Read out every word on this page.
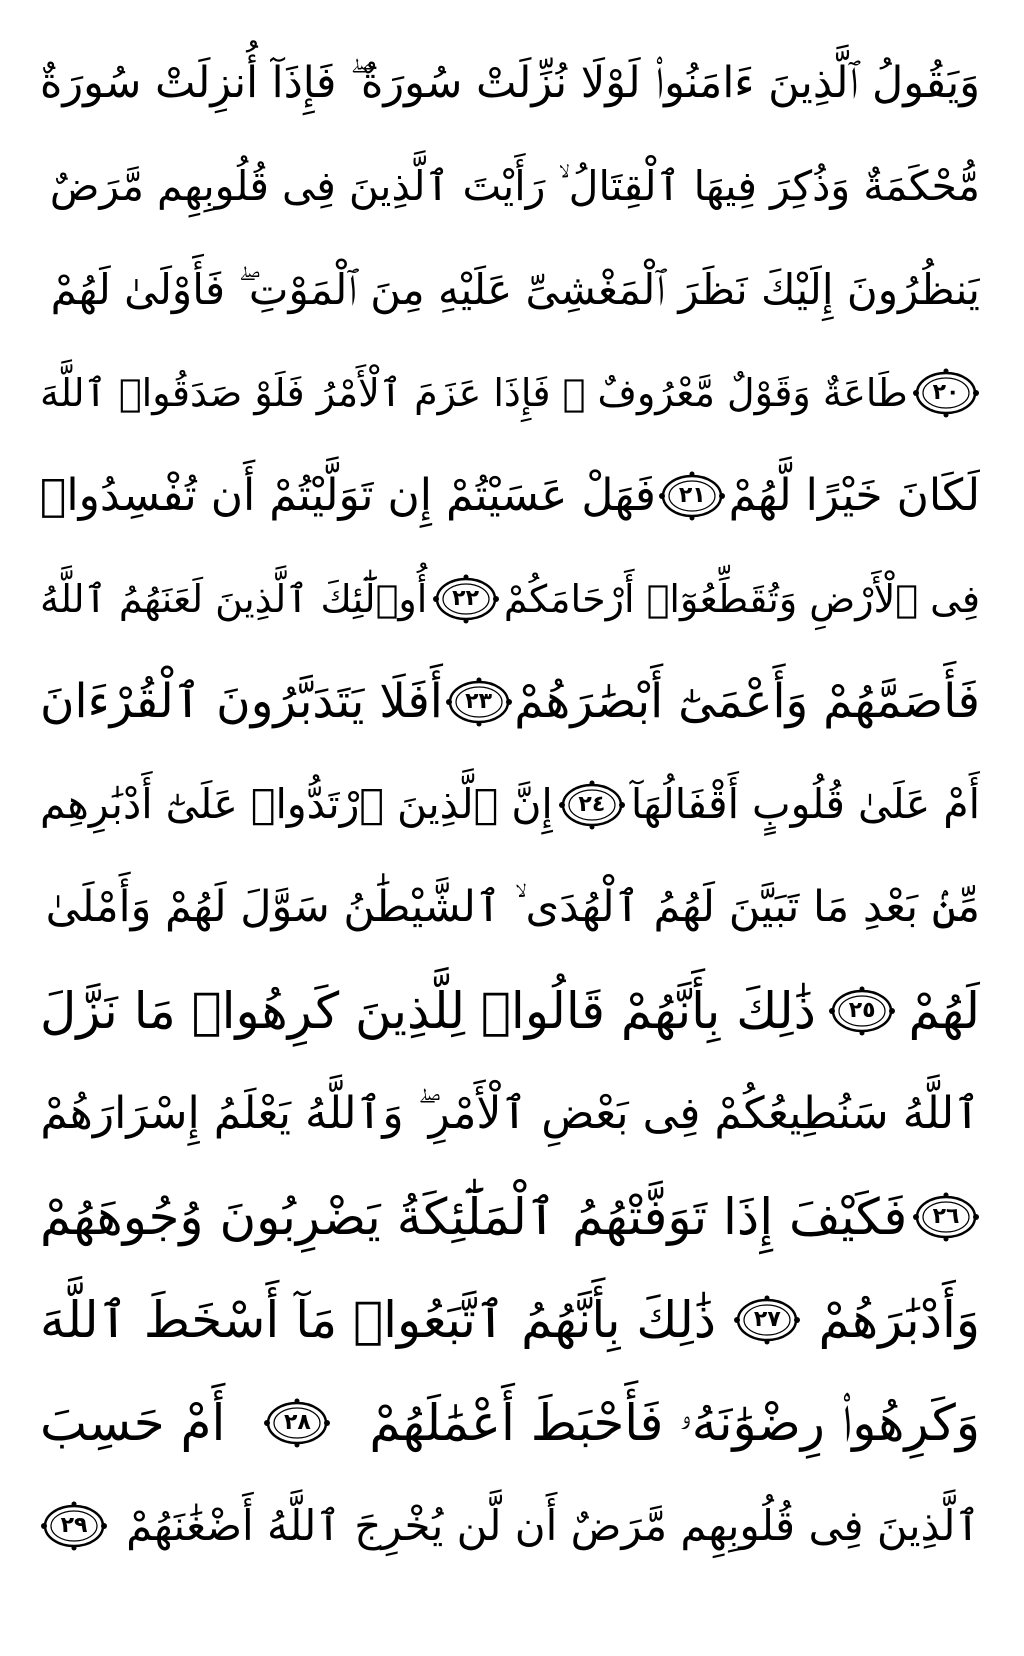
وَيَقُولُ ٱلَّذِينَ ءَامَنُوا۟ لَوْلَا نُزِّلَتْ سُورَةٌ ۖ فَإِذَآ أُنزِلَتْ سُورَةٌ
مُّحْكَمَةٌ وَذُكِرَ فِيهَا ٱلْقِتَالُ ۙ رَأَيْتَ ٱلَّذِينَ فِى قُلُوبِهِم مَّرَضٌ
يَنظُرُونَ إِلَيْكَ نَظَرَ ٱلْمَغْشِىِّ عَلَيْهِ مِنَ ٱلْمَوْتِ ۖ فَأَوْلَىٰ لَهُمْ
٢٠
طَاعَةٌ وَقَوْلٌ مَّعْرُوفٌ ۚ فَإِذَا عَزَمَ ٱلْأَمْرُ فَلَوْ صَدَقُوا۟ ٱللَّهَ
لَكَانَ خَيْرًا لَّهُمْ
٢١
فَهَلْ عَسَيْتُمْ إِن تَوَلَّيْتُمْ أَن تُفْسِدُوا۟
فِى ٱلْأَرْضِ وَتُقَطِّعُوٓا۟ أَرْحَامَكُمْ
٢٢
أُو۟لَٰٓئِكَ ٱلَّذِينَ لَعَنَهُمُ ٱللَّهُ
فَأَصَمَّهُمْ وَأَعْمَىٰٓ أَبْصَٰرَهُمْ
٢٣
أَفَلَا يَتَدَبَّرُونَ ٱلْقُرْءَانَ
أَمْ عَلَىٰ قُلُوبٍ أَقْفَالُهَآ
٢٤
إِنَّ ٱلَّذِينَ ٱرْتَدُّوا۟ عَلَىٰٓ أَدْبَٰرِهِم
مِّنۢ بَعْدِ مَا تَبَيَّنَ لَهُمُ ٱلْهُدَى ۙ ٱلشَّيْطَٰنُ سَوَّلَ لَهُمْ وَأَمْلَىٰ
لَهُمْ
٢٥
ذَٰلِكَ بِأَنَّهُمْ قَالُوا۟ لِلَّذِينَ كَرِهُوا۟ مَا نَزَّلَ
ٱللَّهُ سَنُطِيعُكُمْ فِى بَعْضِ ٱلْأَمْرِ ۖ وَٱللَّهُ يَعْلَمُ إِسْرَارَهُمْ
٢٦
فَكَيْفَ إِذَا تَوَفَّتْهُمُ ٱلْمَلَٰٓئِكَةُ يَضْرِبُونَ وُجُوهَهُمْ
وَأَدْبَٰرَهُمْ
٢٧
ذَٰلِكَ بِأَنَّهُمُ ٱتَّبَعُوا۟ مَآ أَسْخَطَ ٱللَّهَ
وَكَرِهُوا۟ رِضْوَٰنَهُۥ فَأَحْبَطَ أَعْمَٰلَهُمْ
٢٨
أَمْ حَسِبَ
ٱلَّذِينَ فِى قُلُوبِهِم مَّرَضٌ أَن لَّن يُخْرِجَ ٱللَّهُ أَضْغَٰنَهُمْ
٢٩
